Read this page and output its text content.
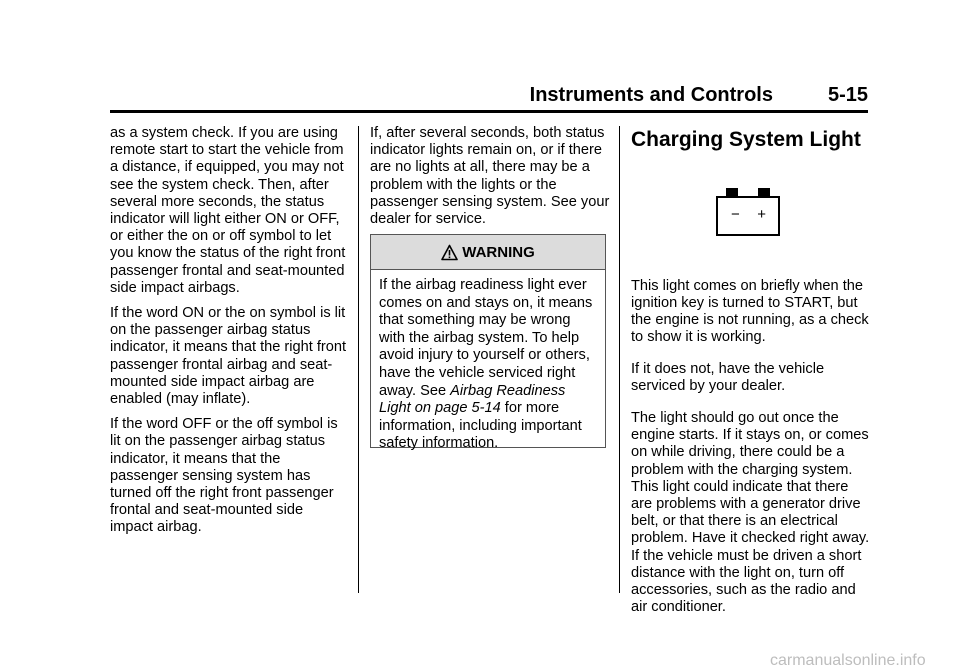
Instruments and Controls	5-15

as a system check. If you are using remote start to start the vehicle from a distance, if equipped, you may not see the system check. Then, after several more seconds, the status indicator will light either ON or OFF, or either the on or off symbol to let you know the status of the right front passenger frontal and seat-mounted side impact airbags.

If the word ON or the on symbol is lit on the passenger airbag status indicator, it means that the right front passenger frontal airbag and seat-mounted side impact airbag are enabled (may inflate).

If the word OFF or the off symbol is lit on the passenger airbag status indicator, it means that the passenger sensing system has turned off the right front passenger frontal and seat-mounted side impact airbag.

If, after several seconds, both status indicator lights remain on, or if there are no lights at all, there may be a problem with the lights or the passenger sensing system. See your dealer for service.

WARNING
If the airbag readiness light ever comes on and stays on, it means that something may be wrong with the airbag system. To help avoid injury to yourself or others, have the vehicle serviced right away. See Airbag Readiness Light on page 5-14 for more information, including important safety information.
Charging System Light
− +

This light comes on briefly when the ignition key is turned to START, but the engine is not running, as a check to show it is working.

If it does not, have the vehicle serviced by your dealer.

The light should go out once the engine starts. If it stays on, or comes on while driving, there could be a problem with the charging system. This light could indicate that there are problems with a generator drive belt, or that there is an electrical problem. Have it checked right away. If the vehicle must be driven a short distance with the light on, turn off accessories, such as the radio and air conditioner.

carmanualsonline.info
